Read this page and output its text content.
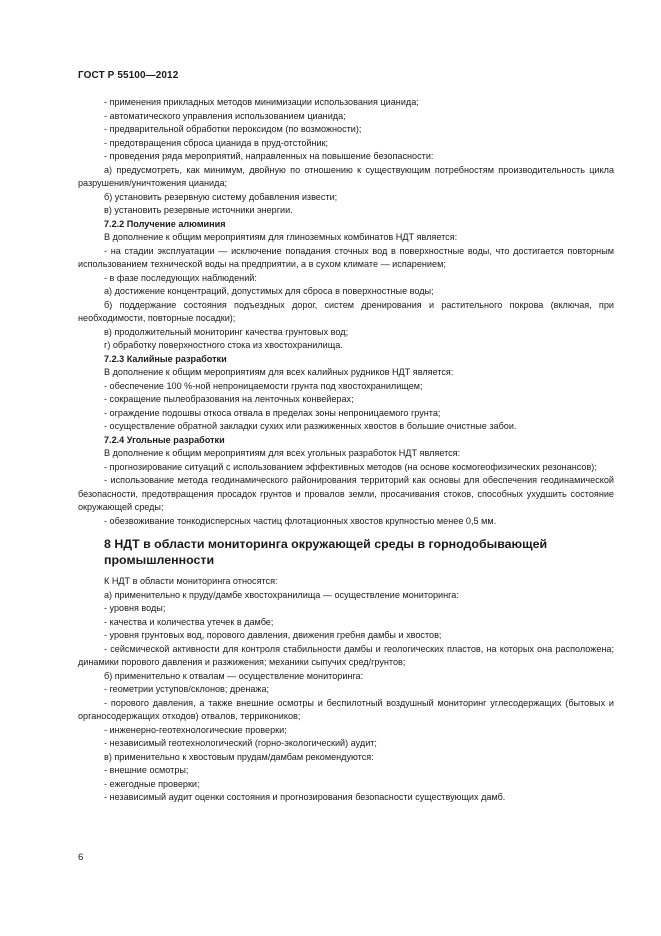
ГОСТ Р 55100—2012

- применения прикладных методов минимизации использования цианида;

- автоматического управления использованием цианида;

- предварительной обработки пероксидом (по возможности);

- предотвращения сброса цианида в пруд-отстойник;

- проведения ряда мероприятий, направленных на повышение безопасности:

а) предусмотреть, как минимум, двойную по отношению к существующим потребностям производительность цикла разрушения/уничтожения цианида;

б) установить резервную систему добавления извести;

в) установить резервные источники энергии.

7.2.2 Получение алюминия

В дополнение к общим мероприятиям для глиноземных комбинатов НДТ является:

- на стадии эксплуатации — исключение попадания сточных вод в поверхностные воды, что достигается повторным использованием технической воды на предприятии, а в сухом климате — испарением;

- в фазе последующих наблюдений:

а) достижение концентраций, допустимых для сброса в поверхностные воды;

б) поддержание состояния подъездных дорог, систем дренирования и растительного покрова (включая, при необходимости, повторные посадки);

в) продолжительный мониторинг качества грунтовых вод;

г) обработку поверхностного стока из хвостохранилища.

7.2.3 Калийные разработки

В дополнение к общим мероприятиям для всех калийных рудников НДТ является:

- обеспечение 100 %-ной непроницаемости грунта под хвостохранилищем;

- сокращение пылеобразования на ленточных конвейерах;

- ограждение подошвы откоса отвала в пределах зоны непроницаемого грунта;

- осуществление обратной закладки сухих или разжиженных хвостов в большие очистные забои.

7.2.4 Угольные разработки

В дополнение к общим мероприятиям для всех угольных разработок НДТ является:

- прогнозирование ситуаций с использованием эффективных методов (на основе космогеофизических резонансов);

- использование метода геодинамического районирования территорий как основы для обеспечения геодинамической безопасности, предотвращения просадок грунтов и провалов земли, просачивания стоков, способных ухудшить состояние окружающей среды;

- обезвоживание тонкодисперсных частиц флотационных хвостов крупностью менее 0,5 мм.

8 НДТ в области мониторинга окружающей среды в горнодобывающей промышленности

К НДТ в области мониторинга относятся:

а) применительно к пруду/дамбе хвостохранилища — осуществление мониторинга:

- уровня воды;

- качества и количества утечек в дамбе;

- уровня грунтовых вод, порового давления, движения гребня дамбы и хвостов;

- сейсмической активности для контроля стабильности дамбы и геологических пластов, на которых она расположена; динамики порового давления и разжижения; механики сыпучих сред/грунтов;

б) применительно к отвалам — осуществление мониторинга:

- геометрии уступов/склонов; дренажа;

- порового давления, а также внешние осмотры и беспилотный воздушный мониторинг углесодержащих (бытовых и органосодержащих отходов) отвалов, террикоников;

- инженерно-геотехнологические проверки;

- независимый геотехнологический (горно-экологический) аудит;

в) применительно к хвостовым прудам/дамбам рекомендуются:

- внешние осмотры;

- ежегодные проверки;

- независимый аудит оценки состояния и прогнозирования безопасности существующих дамб.

6
